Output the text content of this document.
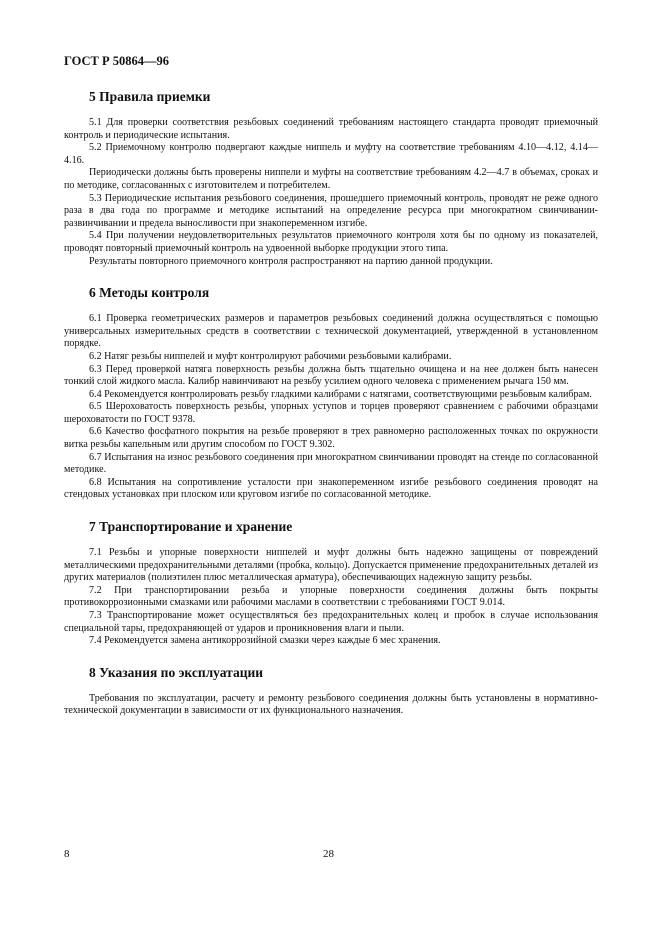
ГОСТ Р 50864—96
5 Правила приемки

5.1 Для проверки соответствия резьбовых соединений требованиям настоящего стандарта проводят приемочный контроль и периодические испытания.

5.2 Приемочному контролю подвергают каждые ниппель и муфту на соответствие требованиям 4.10—4.12, 4.14—4.16.

Периодически должны быть проверены ниппели и муфты на соответствие требованиям 4.2—4.7 в объемах, сроках и по методике, согласованных с изготовителем и потребителем.

5.3 Периодические испытания резьбового соединения, прошедшего приемочный контроль, проводят не реже одного раза в два года по программе и методике испытаний на определение ресурса при многократном свинчивании-развинчивании и предела выносливости при знакопеременном изгибе.

5.4 При получении неудовлетворительных результатов приемочного контроля хотя бы по одному из показателей, проводят повторный приемочный контроль на удвоенной выборке продукции этого типа.

Результаты повторного приемочного контроля распространяют на партию данной продукции.

6 Методы контроля

6.1 Проверка геометрических размеров и параметров резьбовых соединений должна осуществляться с помощью универсальных измерительных средств в соответствии с технической документацией, утвержденной в установленном порядке.

6.2 Натяг резьбы ниппелей и муфт контролируют рабочими резьбовыми калибрами.

6.3 Перед проверкой натяга поверхность резьбы должна быть тщательно очищена и на нее должен быть нанесен тонкий слой жидкого масла. Калибр навинчивают на резьбу усилием одного человека с применением рычага 150 мм.

6.4 Рекомендуется контролировать резьбу гладкими калибрами с натягами, соответствующими резьбовым калибрам.

6.5 Шероховатость поверхность резьбы, упорных уступов и торцев проверяют сравнением с рабочими образцами шероховатости по ГОСТ 9378.

6.6 Качество фосфатного покрытия на резьбе проверяют в трех равномерно расположенных точках по окружности витка резьбы капельным или другим способом по ГОСТ 9.302.

6.7 Испытания на износ резьбового соединения при многократном свинчивании проводят на стенде по согласованной методике.

6.8 Испытания на сопротивление усталости при знакопеременном изгибе резьбового соединения проводят на стендовых установках при плоском или круговом изгибе по согласованной методике.

7 Транспортирование и хранение

7.1 Резьбы и упорные поверхности ниппелей и муфт должны быть надежно защищены от повреждений металлическими предохранительными деталями (пробка, кольцо). Допускается применение предохранительных деталей из других материалов (полиэтилен плюс металлическая арматура), обеспечивающих надежную защиту резьбы.

7.2 При транспортировании резьба и упорные поверхности соединения должны быть покрыты противокоррозионными смазками или рабочими маслами в соответствии с требованиями ГОСТ 9.014.

7.3 Транспортирование может осуществляться без предохранительных колец и пробок в случае использования специальной тары, предохраняющей от ударов и проникновения влаги и пыли.

7.4 Рекомендуется замена антикоррозийной смазки через каждые 6 мес хранения.

8 Указания по эксплуатации

Требования по эксплуатации, расчету и ремонту резьбового соединения должны быть установлены в нормативно-технической документации в зависимости от их функционального назначения.

8	28
